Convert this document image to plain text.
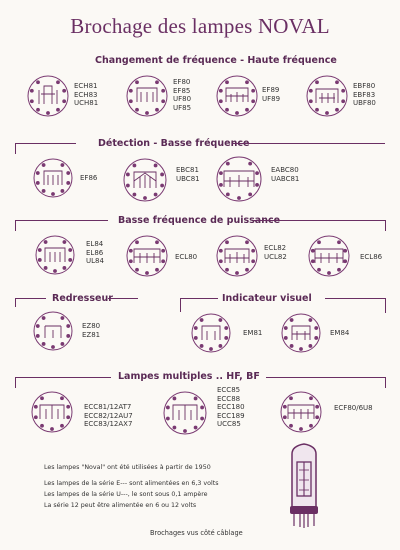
Brochage des lampes NOVAL
Changement de fréquence - Haute fréquence
ECH81
ECH83
UCH81
EF80
EF85
UF80
UF85
EF89
UF89
EBF80
EBF83
UBF80
Détection - Basse fréquence
EF86
EBC81
UBC81
EABC80
UABC81
Basse fréquence de puissance
EL84
EL86
UL84
ECL80
ECL82
UCL82	ECL86
Redresseur	Indicateur visuel
EZ80
EZ81	EM81	EM84
Lampes multiples .. HF, BF
ECC81/12AT7
ECC82/12AU7
ECC83/12AX7
ECC85
ECC88
ECC180
ECC189
UCC85
ECF80/6U8
Les lampes "Noval" ont été utilisées à partir de 1950
Les lampes de la série E--- sont alimentées en 6,3 volts
Les lampes de la série U---, le sont sous 0,1 ampère
La série 12 peut être alimentée en 6 ou 12 volts
Brochages vus côté câblage
